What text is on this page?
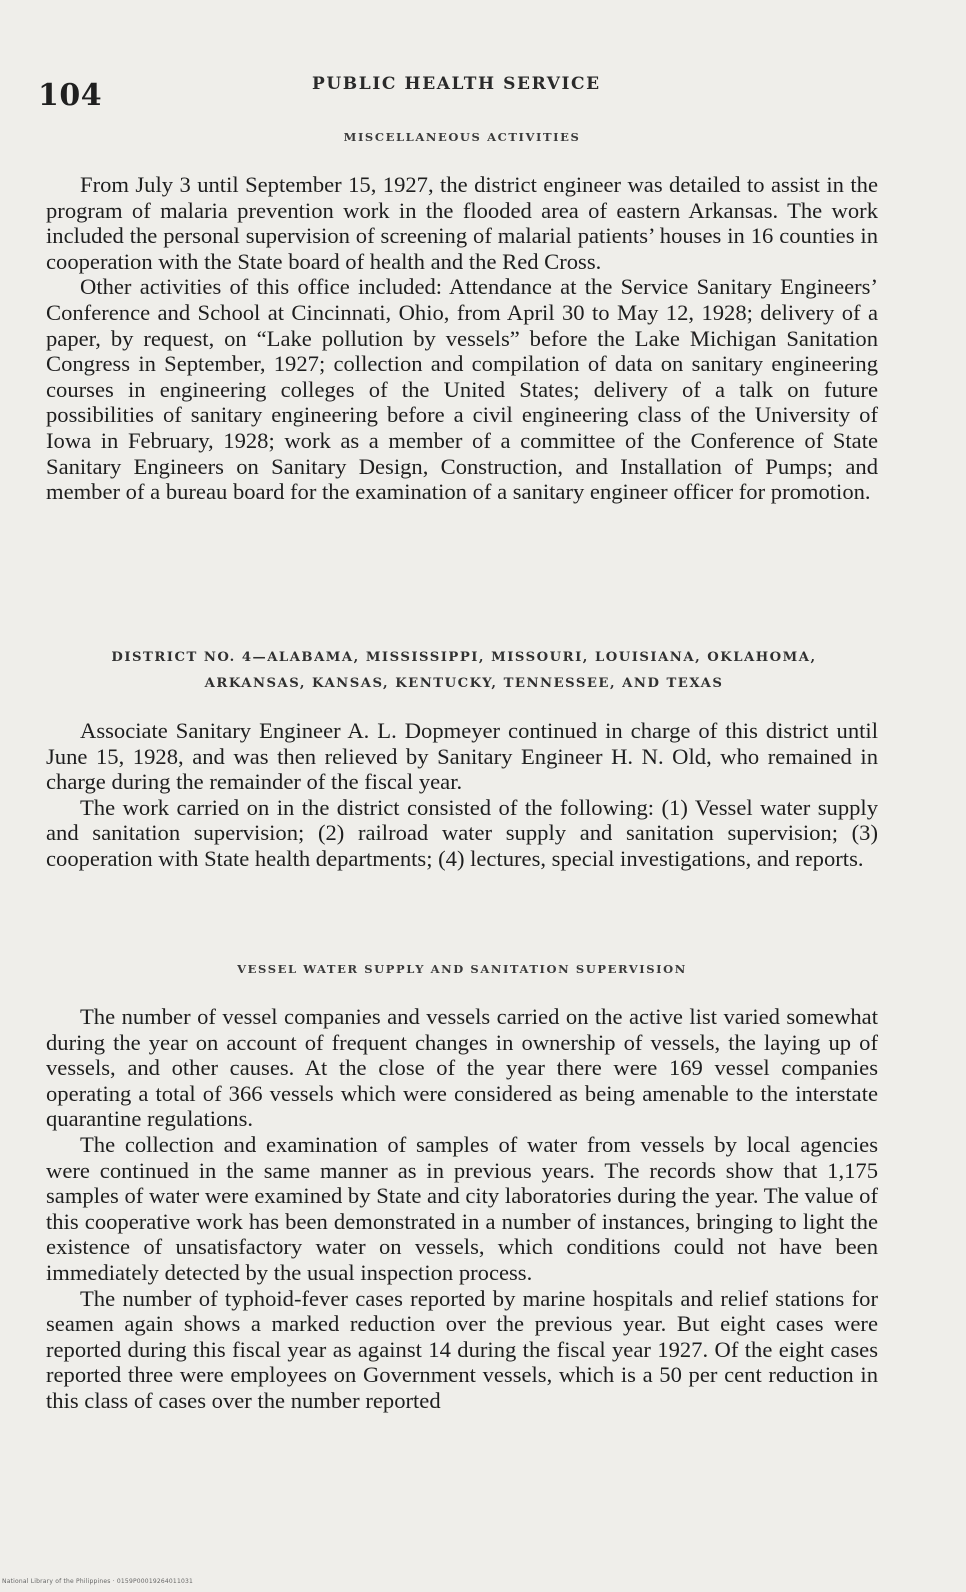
104	PUBLIC HEALTH SERVICE
MISCELLANEOUS ACTIVITIES

From July 3 until September 15, 1927, the district engineer was detailed to assist in the program of malaria prevention work in the flooded area of eastern Arkansas. The work included the personal supervision of screening of malarial patients’ houses in 16 counties in cooperation with the State board of health and the Red Cross.

Other activities of this office included: Attendance at the Service Sanitary Engineers’ Conference and School at Cincinnati, Ohio, from April 30 to May 12, 1928; delivery of a paper, by request, on “Lake pollution by vessels” before the Lake Michigan Sanitation Congress in September, 1927; collection and compilation of data on sanitary engineering courses in engineering colleges of the United States; delivery of a talk on future possibilities of sanitary engineering before a civil engineering class of the University of Iowa in February, 1928; work as a member of a committee of the Conference of State Sanitary Engineers on Sanitary Design, Construction, and Installation of Pumps; and member of a bureau board for the examination of a sanitary engineer officer for promotion.

DISTRICT NO. 4—ALABAMA, MISSISSIPPI, MISSOURI, LOUISIANA, OKLAHOMA,
ARKANSAS, KANSAS, KENTUCKY, TENNESSEE, AND TEXAS

Associate Sanitary Engineer A. L. Dopmeyer continued in charge of this district until June 15, 1928, and was then relieved by Sanitary Engineer H. N. Old, who remained in charge during the remainder of the fiscal year.

The work carried on in the district consisted of the following: (1) Vessel water supply and sanitation supervision; (2) railroad water supply and sanitation supervision; (3) cooperation with State health departments; (4) lectures, special investigations, and reports.

VESSEL WATER SUPPLY AND SANITATION SUPERVISION

The number of vessel companies and vessels carried on the active list varied somewhat during the year on account of frequent changes in ownership of vessels, the laying up of vessels, and other causes. At the close of the year there were 169 vessel companies operating a total of 366 vessels which were considered as being amenable to the interstate quarantine regulations.

The collection and examination of samples of water from vessels by local agencies were continued in the same manner as in previous years. The records show that 1,175 samples of water were examined by State and city laboratories during the year. The value of this cooperative work has been demonstrated in a number of instances, bringing to light the existence of unsatisfactory water on vessels, which conditions could not have been immediately detected by the usual inspection process.

The number of typhoid-fever cases reported by marine hospitals and relief stations for seamen again shows a marked reduction over the previous year. But eight cases were reported during this fiscal year as against 14 during the fiscal year 1927. Of the eight cases reported three were employees on Government vessels, which is a 50 per cent reduction in this class of cases over the number reported

National Library of the Philippines · 0159P00019264011031
